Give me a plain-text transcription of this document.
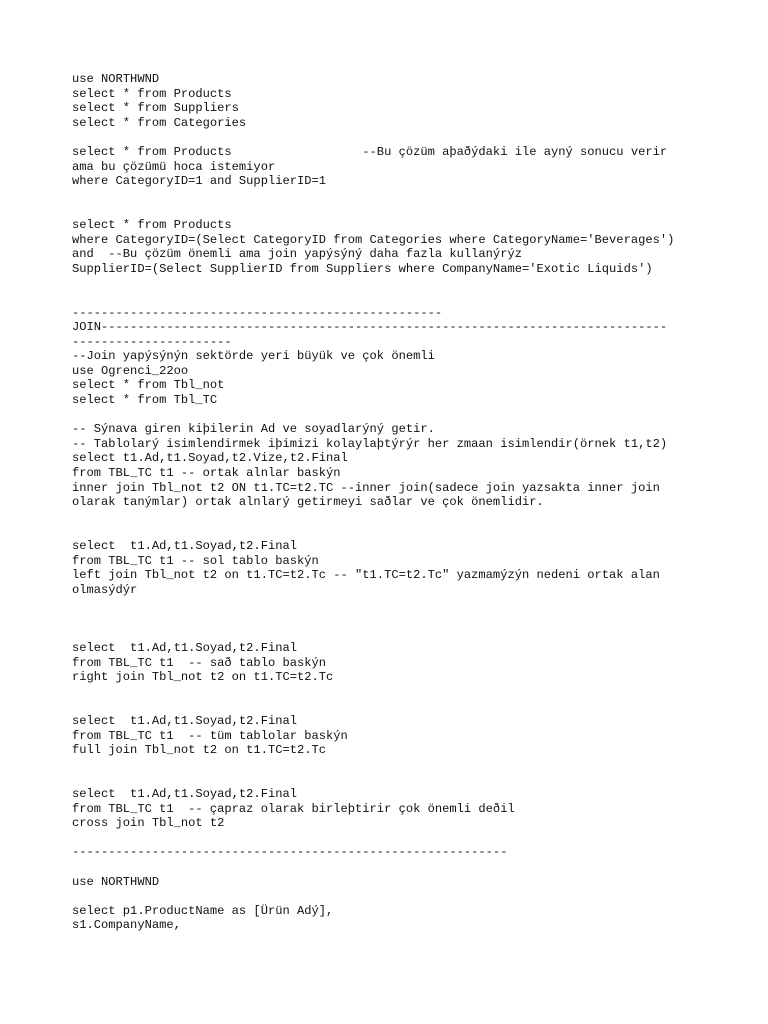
use NORTHWND
select * from Products
select * from Suppliers
select * from Categories
select * from Products                  --Bu çözüm aþaðýdaki ile ayný sonucu verir
ama bu çözümü hoca istemiyor
where CategoryID=1 and SupplierID=1
select * from Products
where CategoryID=(Select CategoryID from Categories where CategoryName='Beverages')
and  --Bu çözüm önemli ama join yapýsýný daha fazla kullanýrýz
SupplierID=(Select SupplierID from Suppliers where CompanyName='Exotic Liquids')
---------------------------------------------------
JOIN------------------------------------------------------------------------------
----------------------
--Join yapýsýnýn sektörde yeri büyük ve çok önemli
use Ogrenci_22oo
select * from Tbl_not
select * from Tbl_TC
-- Sýnava giren kiþilerin Ad ve soyadlarýný getir.
-- Tablolarý isimlendirmek iþimizi kolaylaþtýrýr her zmaan isimlendir(örnek t1,t2)
select t1.Ad,t1.Soyad,t2.Vize,t2.Final
from TBL_TC t1 -- ortak alnlar baskýn
inner join Tbl_not t2 ON t1.TC=t2.TC --inner join(sadece join yazsakta inner join
olarak tanýmlar) ortak alnlarý getirmeyi saðlar ve çok önemlidir.
select  t1.Ad,t1.Soyad,t2.Final
from TBL_TC t1 -- sol tablo baskýn
left join Tbl_not t2 on t1.TC=t2.Tc -- "t1.TC=t2.Tc" yazmamýzýn nedeni ortak alan
olmasýdýr
select  t1.Ad,t1.Soyad,t2.Final
from TBL_TC t1  -- sað tablo baskýn
right join Tbl_not t2 on t1.TC=t2.Tc
select  t1.Ad,t1.Soyad,t2.Final
from TBL_TC t1  -- tüm tablolar baskýn
full join Tbl_not t2 on t1.TC=t2.Tc
select  t1.Ad,t1.Soyad,t2.Final
from TBL_TC t1  -- çapraz olarak birleþtirir çok önemli deðil
cross join Tbl_not t2
------------------------------------------------------------
use NORTHWND
select p1.ProductName as [Ürün Adý],
s1.CompanyName,
